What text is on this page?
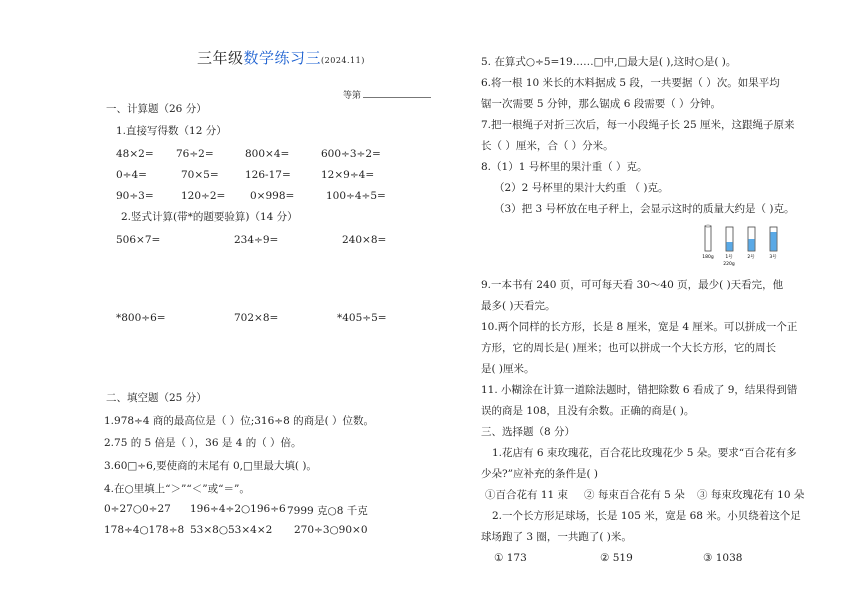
三年级数学练习三(2024.11)
等第
一、计算题（26 分）
1.直接写得数（12 分）
48×2= 76÷2=	800×4=	600÷3÷2=
0÷4=	70×5=	126-17=	12×9÷4=
90÷3=	120÷2= 0×998=	100÷4÷5=
2.竖式计算(带*的题要验算)（14 分）
506×7=	234÷9=	240×8=
*800÷6=	702×8=	*405÷5=
二、填空题（25 分）
1.978÷4 商的最高位是（ ）位;316÷8 的商是( ）位数。
2.75 的 5 倍是（ ），36 是 4 的（ ）倍。
3.60□÷6,要使商的末尾有 0,□里最大填( )。
4.在○里填上“＞”“＜”或“＝”。
0÷27○0÷27 196÷4÷2○196÷6 7999 克○8 千克
178÷4○178÷8 53×8○53×4×2 270÷3○90×0
5. 在算式○÷5=19……□中,□最大是( ),这时○是( )。
6.将一根 10 米长的木料据成 5 段，一共要据（ ）次。如果平均
锯一次需要 5 分钟，那么锯成 6 段需要（ ）分钟。
7.把一根绳子对折三次后，每一小段绳子长 25 厘米，这跟绳子原来
长（ ）厘米，合（ ）分米。
8.（1）1 号杯里的果汁重（ ）克。
（2）2 号杯里的果汁大约重 （ )克。
（3）把 3 号杯放在电子秤上，会显示这时的质量大约是（ )克。
180g	1号	2号	3号
220g
9.一本书有 240 页，可可每天看 30～40 页，最少( )天看完，他
最多( )天看完。
10.两个同样的长方形，长是 8 厘米，宽是 4 厘米。可以拼成一个正
方形，它的周长是( )厘米；也可以拼成一个大长方形，它的周长
是( )厘米。
11. 小糊涂在计算一道除法题时，错把除数 6 看成了 9，结果得到错
误的商是 108，且没有余数。正确的商是( )。
三、选择题（8 分）
1.花店有 6 束玫瑰花，百合花比玫瑰花少 5 朵。要求“百合花有多
少朵?”应补充的条件是( )
①百合花有 11 束 ② 每束百合花有 5 朵 ③ 每束玫瑰花有 10 朵
2.一个长方形足球场，长是 105 米，宽是 68 米。小贝绕着这个足
球场跑了 3 圈，一共跑了( )米。
① 173	② 519	③ 1038
